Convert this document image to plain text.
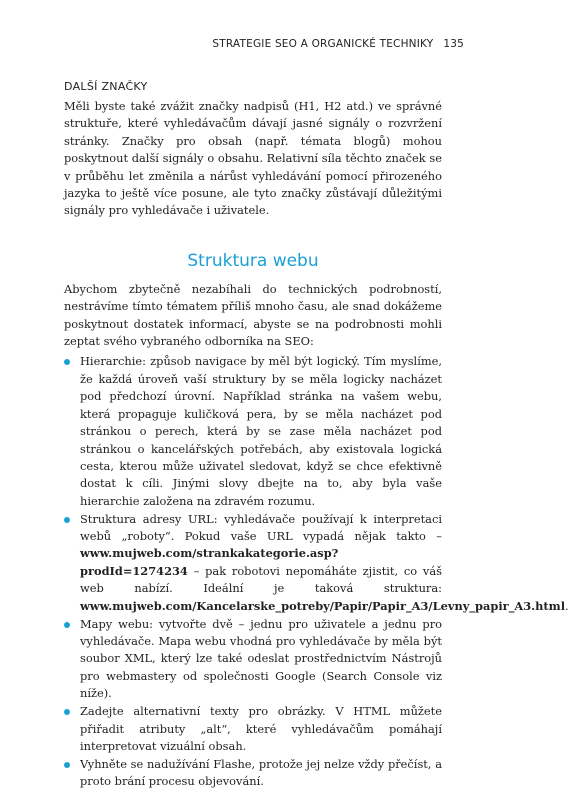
STRATEGIE SEO A ORGANICKÉ TECHNIKY 135
DALŠÍ ZNAČKY

Měli byste také zvážit značky nadpisů (H1, H2 atd.) ve správné struktuře, které vyhledávačům dávají jasné signály o rozvržení stránky. Značky pro obsah (např. témata blogů) mohou poskytnout další signály o obsahu. Relativní síla těchto značek se v průběhu let změnila a nárůst vyhledávání pomocí přirozeného jazyka to ještě více posune, ale tyto značky zůstávají důležitými signály pro vyhledávače i uživatele.

Struktura webu

Abychom zbytečně nezabíhali do technických podrobností, nestrávíme tímto tématem příliš mnoho času, ale snad dokážeme poskytnout dostatek informací, abyste se na podrobnosti mohli zeptat svého vybraného odborníka na SEO:

Hierarchie: způsob navigace by měl být logický. Tím myslíme, že každá úroveň vaší struktury by se měla logicky nacházet pod předchozí úrovní. Například stránka na vašem webu, která propaguje kuličková pera, by se měla nacházet pod stránkou o perech, která by se zase měla nacházet pod stránkou o kancelářských potřebách, aby existovala logická cesta, kterou může uživatel sledovat, když se chce efektivně dostat k cíli. Jinými slovy dbejte na to, aby byla vaše hierarchie založena na zdravém rozumu.
Struktura adresy URL: vyhledávače používají k interpretaci webů „roboty“. Pokud vaše URL vypadá nějak takto – www.mujweb.com/strankakategorie.asp?prodId=1274234 – pak robotovi nepomáháte zjistit, co váš web nabízí. Ideální je taková struktura: www.mujweb.com/Kancelarske_potreby/Papir/Papir_A3/Levny_papir_A3.html.
Mapy webu: vytvořte dvě – jednu pro uživatele a jednu pro vyhledávače. Mapa webu vhodná pro vyhledávače by měla být soubor XML, který lze také odeslat prostřednictvím Nástrojů pro webmastery od společnosti Google (Search Console viz níže).
Zadejte alternativní texty pro obrázky. V HTML můžete přiřadit atributy „alt“, které vyhledávačům pomáhají interpretovat vizuální obsah.
Vyhněte se nadužívání Flashe, protože jej nelze vždy přečíst, a proto brání procesu objevování.
